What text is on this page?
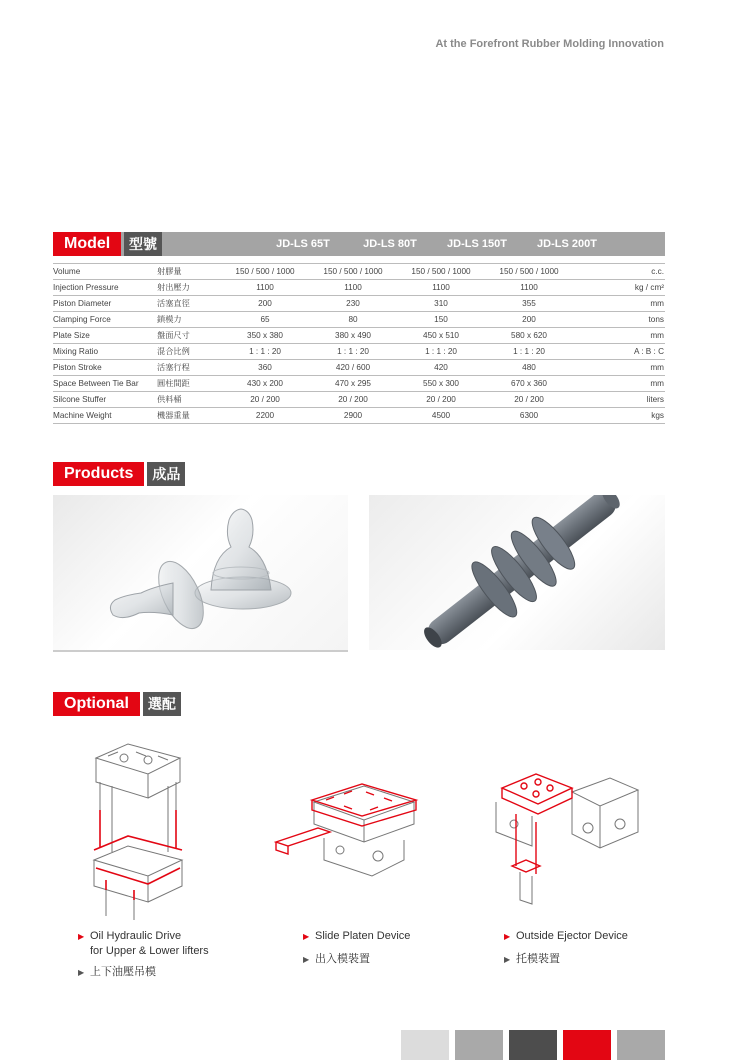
At the Forefront Rubber Molding Innovation
Model	型號	JD-LS 65T	JD-LS 80T	JD-LS 150T	JD-LS 200T
Volume	射膠量	150 / 500 / 1000	150 / 500 / 1000	150 / 500 / 1000	150 / 500 / 1000	c.c.
Injection Pressure	射出壓力	1100	1100	1100	1100	kg / cm²
Piston Diameter	活塞直徑	200	230	310	355	mm
Clamping Force	鎖模力	65	80	150	200	tons
Plate Size	盤面尺寸	350 x 380	380 x 490	450 x 510	580 x 620	mm
Mixing Ratio	混合比例	1 : 1 : 20	1 : 1 : 20	1 : 1 : 20	1 : 1 : 20	A : B : C
Piston Stroke	活塞行程	360	420 / 600	420	480	mm
Space Between Tie Bar	圓柱間距	430 x 200	470 x 295	550 x 300	670 x 360	mm
Silcone Stuffer	供料桶	20 / 200	20 / 200	20 / 200	20 / 200	liters
Machine Weight	機器重量	2200	2900	4500	6300	kgs
Products	成品
Optional	選配
▶ Oil Hydraulic Drive
for Upper & Lower lifters
▶ 上下油壓吊模
▶ Slide Platen Device
▶ 出入模裝置
▶ Outside Ejector Device
▶ 托模裝置
